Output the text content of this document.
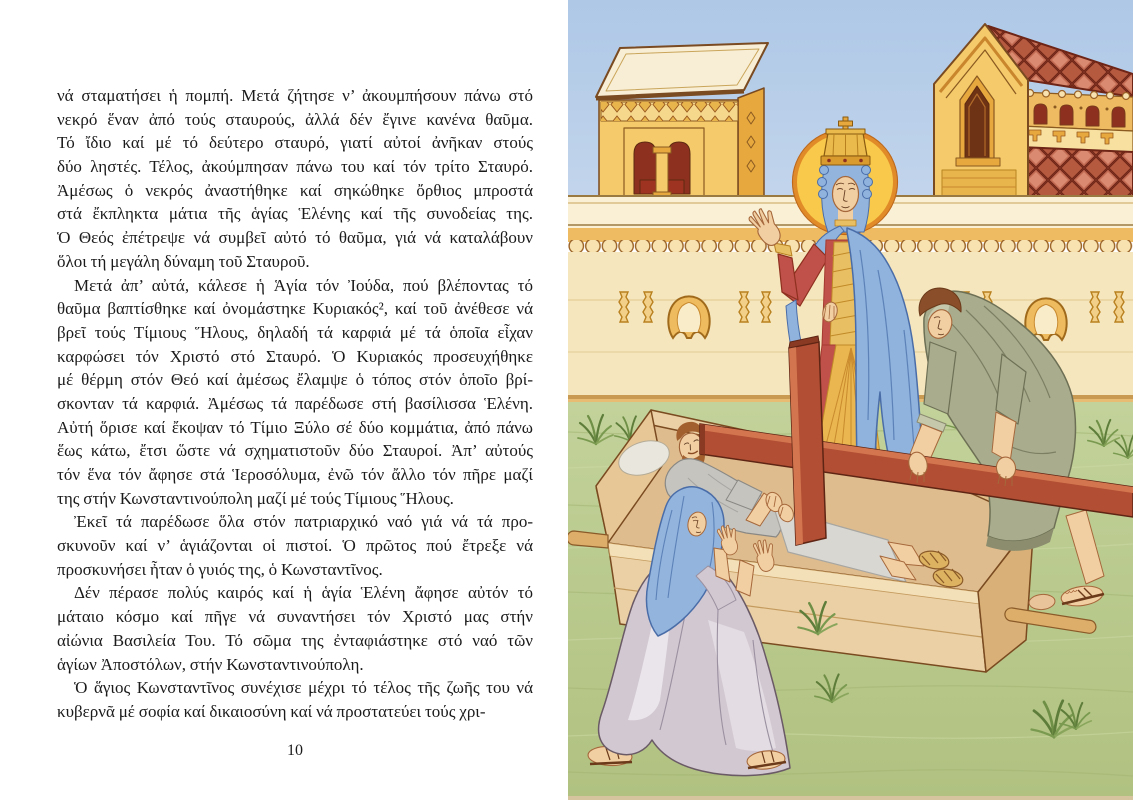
νά σταματήσει ἡ πομπή. Μετά ζήτησε ν’ ἀκουμπήσουν πάνω στό
νεκρό ἕναν ἀπό τούς σταυρούς, ἀλλά δέν ἔγινε κανένα θαῦμα.
Τό ἴδιο καί μέ τό δεύτερο σταυρό, γιατί αὐτοί ἀνῆκαν στούς
δύο ληστές. Τέλος, ἀκούμπησαν πάνω του καί τόν τρίτο Σταυρό.
Ἀμέσως ὁ νεκρός ἀναστήθηκε καί σηκώθηκε ὄρθιος μπροστά
στά ἔκπληκτα μάτια τῆς ἁγίας Ἑλένης καί τῆς συνοδείας της.
Ὁ Θεός ἐπέτρεψε νά συμβεῖ αὐτό τό θαῦμα, γιά νά καταλάβουν
ὅλοι τή μεγάλη δύναμη τοῦ Σταυροῦ.
Μετά ἀπ’ αὐτά, κάλεσε ἡ Ἁγία τόν Ἰούδα, πού βλέποντας τό
θαῦμα βαπτίσθηκε καί ὀνομάστηκε Κυριακός², καί τοῦ ἀνέθεσε νά
βρεῖ τούς Τίμιους Ἥλους, δηλαδή τά καρφιά μέ τά ὁποῖα εἶχαν
καρφώσει τόν Χριστό στό Σταυρό. Ὁ Κυριακός προσευχήθηκε
μέ θέρμη στόν Θεό καί ἀμέσως ἔλαμψε ὁ τόπος στόν ὁποῖο βρί-
σκονταν τά καρφιά. Ἀμέσως τά παρέδωσε στή βασίλισσα Ἑλένη.
Αὐτή ὅρισε καί ἔκοψαν τό Τίμιο Ξύλο σέ δύο κομμάτια, ἀπό πάνω
ἕως κάτω, ἔτσι ὥστε νά σχηματιστοῦν δύο Σταυροί. Ἀπ’ αὐτούς
τόν ἕνα τόν ἄφησε στά Ἱεροσόλυμα, ἐνῶ τόν ἄλλο τόν πῆρε μαζί
της στήν Κωνσταντινούπολη μαζί μέ τούς Τίμιους Ἥλους.
Ἐκεῖ τά παρέδωσε ὅλα στόν πατριαρχικό ναό γιά νά τά προ-
σκυνοῦν καί ν’ ἁγιάζονται οἱ πιστοί. Ὁ πρῶτος πού ἔτρεξε νά
προσκυνήσει ἦταν ὁ γυιός της, ὁ Κωνσταντῖνος.
Δέν πέρασε πολύς καιρός καί ἡ ἁγία Ἑλένη ἄφησε αὐτόν τό
μάταιο κόσμο καί πῆγε νά συναντήσει τόν Χριστό μας στήν
αἰώνια Βασιλεία Του. Τό σῶμα της ἐνταφιάστηκε στό ναό τῶν
ἁγίων Ἀποστόλων, στήν Κωνσταντινούπολη.
Ὁ ἅγιος Κωνσταντῖνος συνέχισε μέχρι τό τέλος τῆς ζωῆς του νά
κυβερνᾶ μέ σοφία καί δικαιοσύνη καί νά προστατεύει τούς χρι-
10
